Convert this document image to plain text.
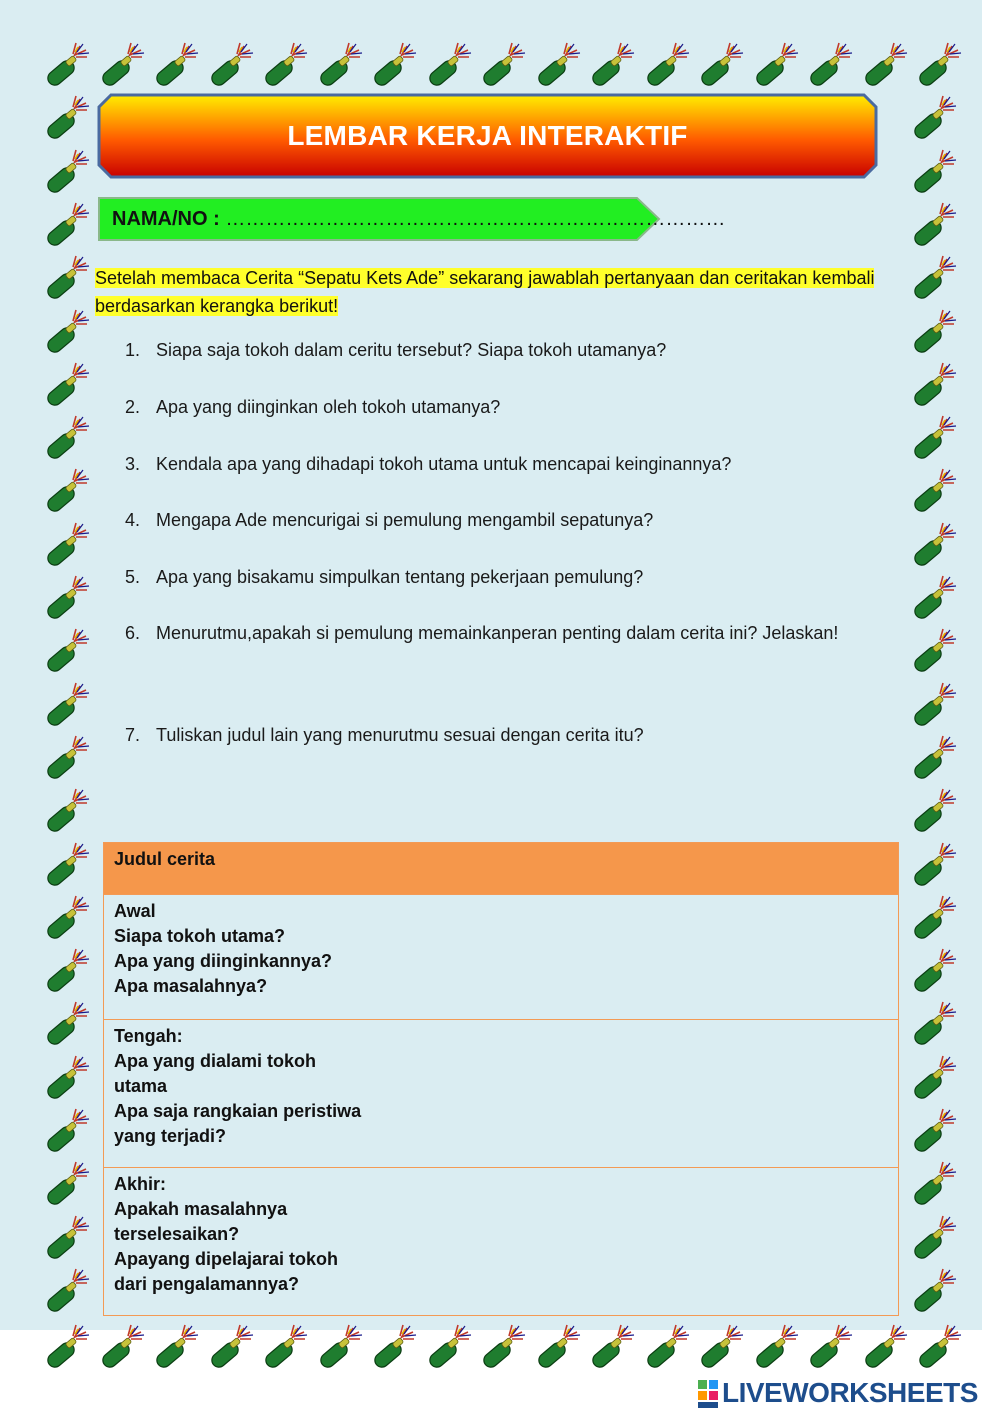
LEMBAR KERJA INTERAKTIF
NAMA/NO : …………………………………………………………………
Setelah membaca Cerita “Sepatu Kets Ade” sekarang jawablah pertanyaan dan ceritakan kembali
berdasarkan kerangka berikut!
1. Siapa saja tokoh dalam ceritu tersebut? Siapa tokoh utamanya?
2. Apa yang diinginkan oleh tokoh utamanya?
3. Kendala apa yang dihadapi tokoh utama untuk mencapai keinginannya?
4. Mengapa Ade mencurigai si pemulung mengambil sepatunya?
5. Apa yang bisakamu simpulkan tentang pekerjaan pemulung?
6. Menurutmu,apakah si pemulung memainkanperan penting dalam cerita ini? Jelaskan!
7. Tuliskan judul lain yang menurutmu sesuai dengan cerita itu?
Judul cerita

Awal
Siapa tokoh utama?
Apa yang diinginkannya?
Apa masalahnya?

Tengah:
Apa yang dialami tokoh
utama
Apa saja rangkaian peristiwa
yang terjadi?

Akhir:
Apakah masalahnya
terselesaikan?
Apayang dipelajarai tokoh
dari pengalamannya?
LIVEWORKSHEETS
